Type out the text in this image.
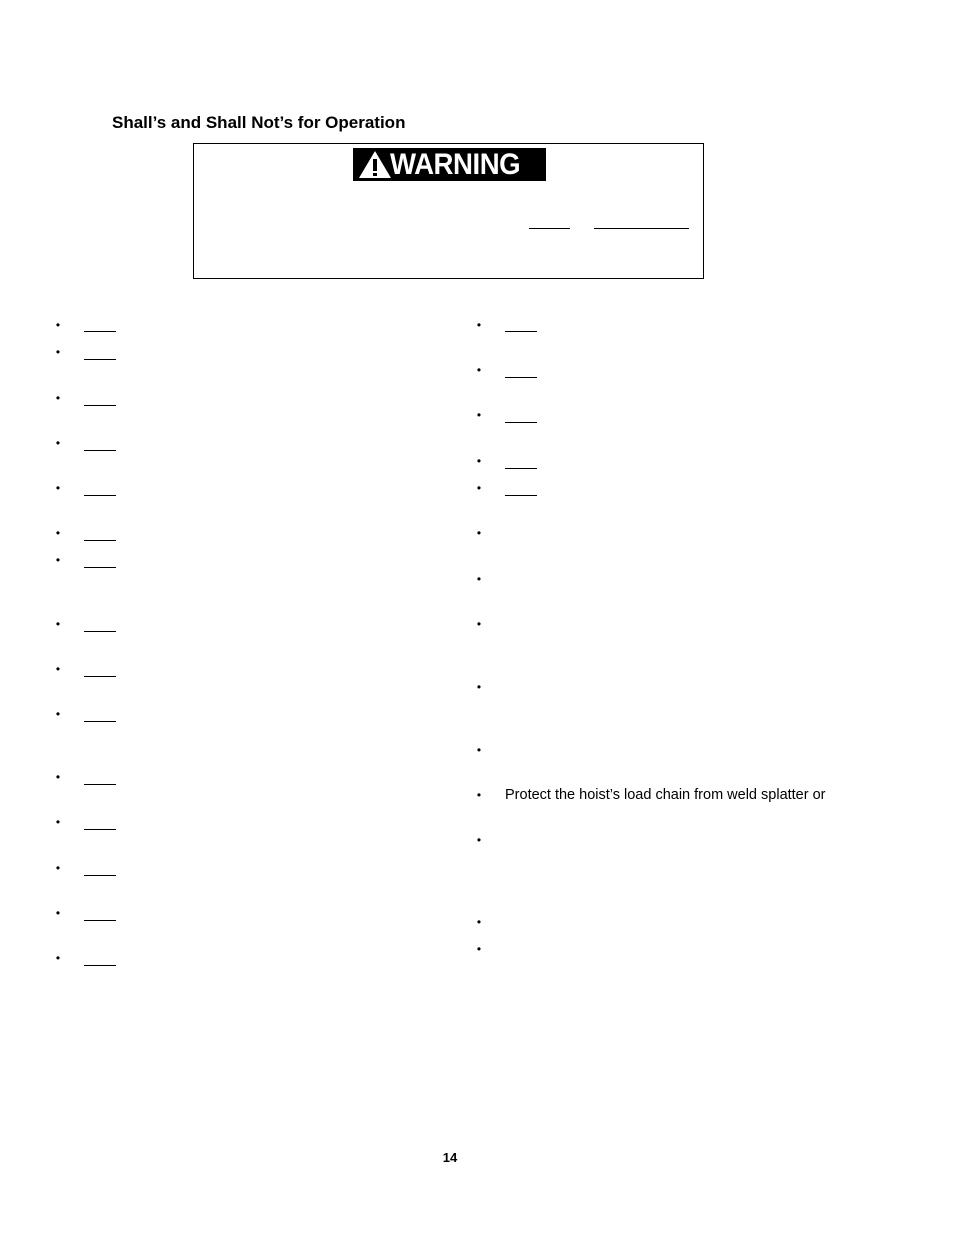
Shall’s and Shall Not’s for Operation
WARNING
•
•
•
•
•
•
•
•
•
•
•
•
•
•
•
•
•
•
•
•
•
•
•
•
•
• Protect the hoist’s load chain from weld splatter or
•
•
•
14
